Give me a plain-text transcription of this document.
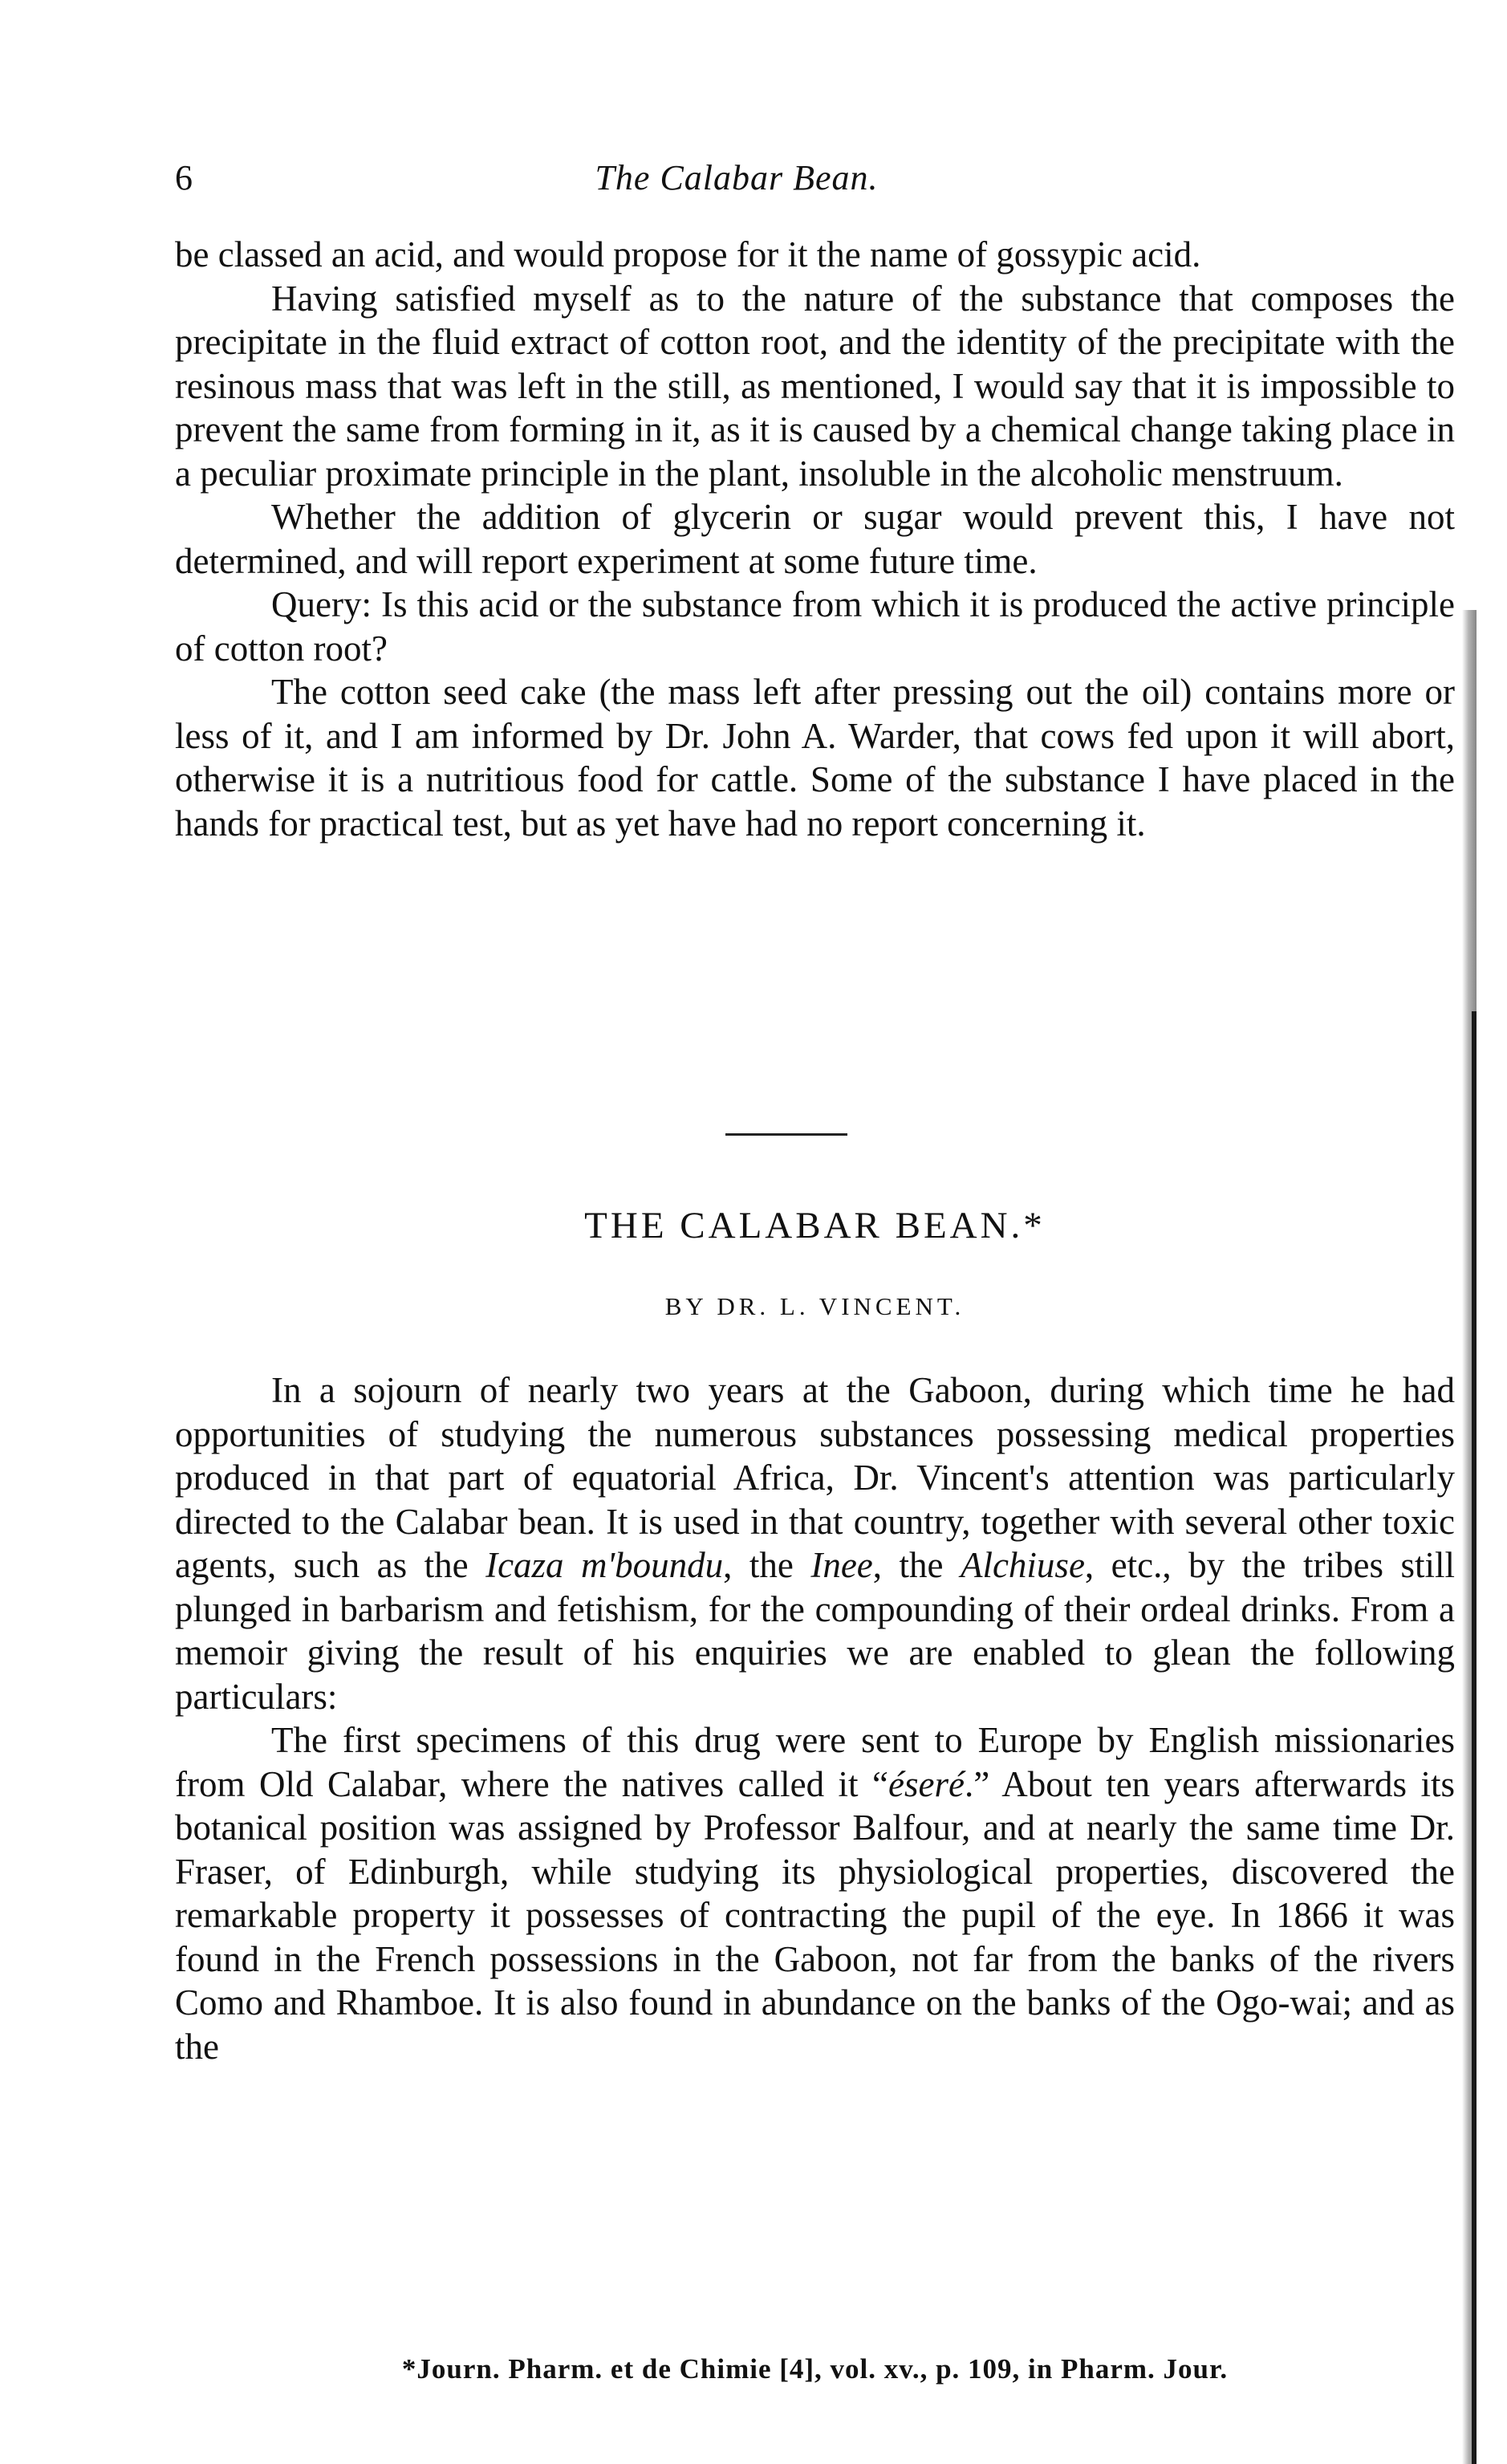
6	The Calabar Bean.

be classed an acid, and would propose for it the name of gossypic acid.

Having satisfied myself as to the nature of the substance that composes the precipitate in the fluid extract of cotton root, and the identity of the precipitate with the resinous mass that was left in the still, as mentioned, I would say that it is impossible to prevent the same from forming in it, as it is caused by a chemical change taking place in a peculiar proximate principle in the plant, insoluble in the alcoholic menstruum.

Whether the addition of glycerin or sugar would prevent this, I have not determined, and will report experiment at some future time.

Query: Is this acid or the substance from which it is produced the active principle of cotton root?

The cotton seed cake (the mass left after pressing out the oil) contains more or less of it, and I am informed by Dr. John A. Warder, that cows fed upon it will abort, otherwise it is a nutritious food for cattle. Some of the substance I have placed in the hands for practical test, but as yet have had no report concerning it.

THE CALABAR BEAN.*
BY DR. L. VINCENT.

In a sojourn of nearly two years at the Gaboon, during which time he had opportunities of studying the numerous substances possessing medical properties produced in that part of equatorial Africa, Dr. Vincent's attention was particularly directed to the Calabar bean. It is used in that country, together with several other toxic agents, such as the Icaza m'boundu, the Inee, the Alchiuse, etc., by the tribes still plunged in barbarism and fetishism, for the compounding of their ordeal drinks. From a memoir giving the result of his enquiries we are enabled to glean the following particulars:

The first specimens of this drug were sent to Europe by English missionaries from Old Calabar, where the natives called it “éseré.” About ten years afterwards its botanical position was assigned by Professor Balfour, and at nearly the same time Dr. Fraser, of Edinburgh, while studying its physiological properties, discovered the remarkable property it possesses of contracting the pupil of the eye. In 1866 it was found in the French possessions in the Gaboon, not far from the banks of the rivers Como and Rhamboe. It is also found in abundance on the banks of the Ogo-wai; and as the

*Journ. Pharm. et de Chimie [4], vol. xv., p. 109, in Pharm. Jour.
